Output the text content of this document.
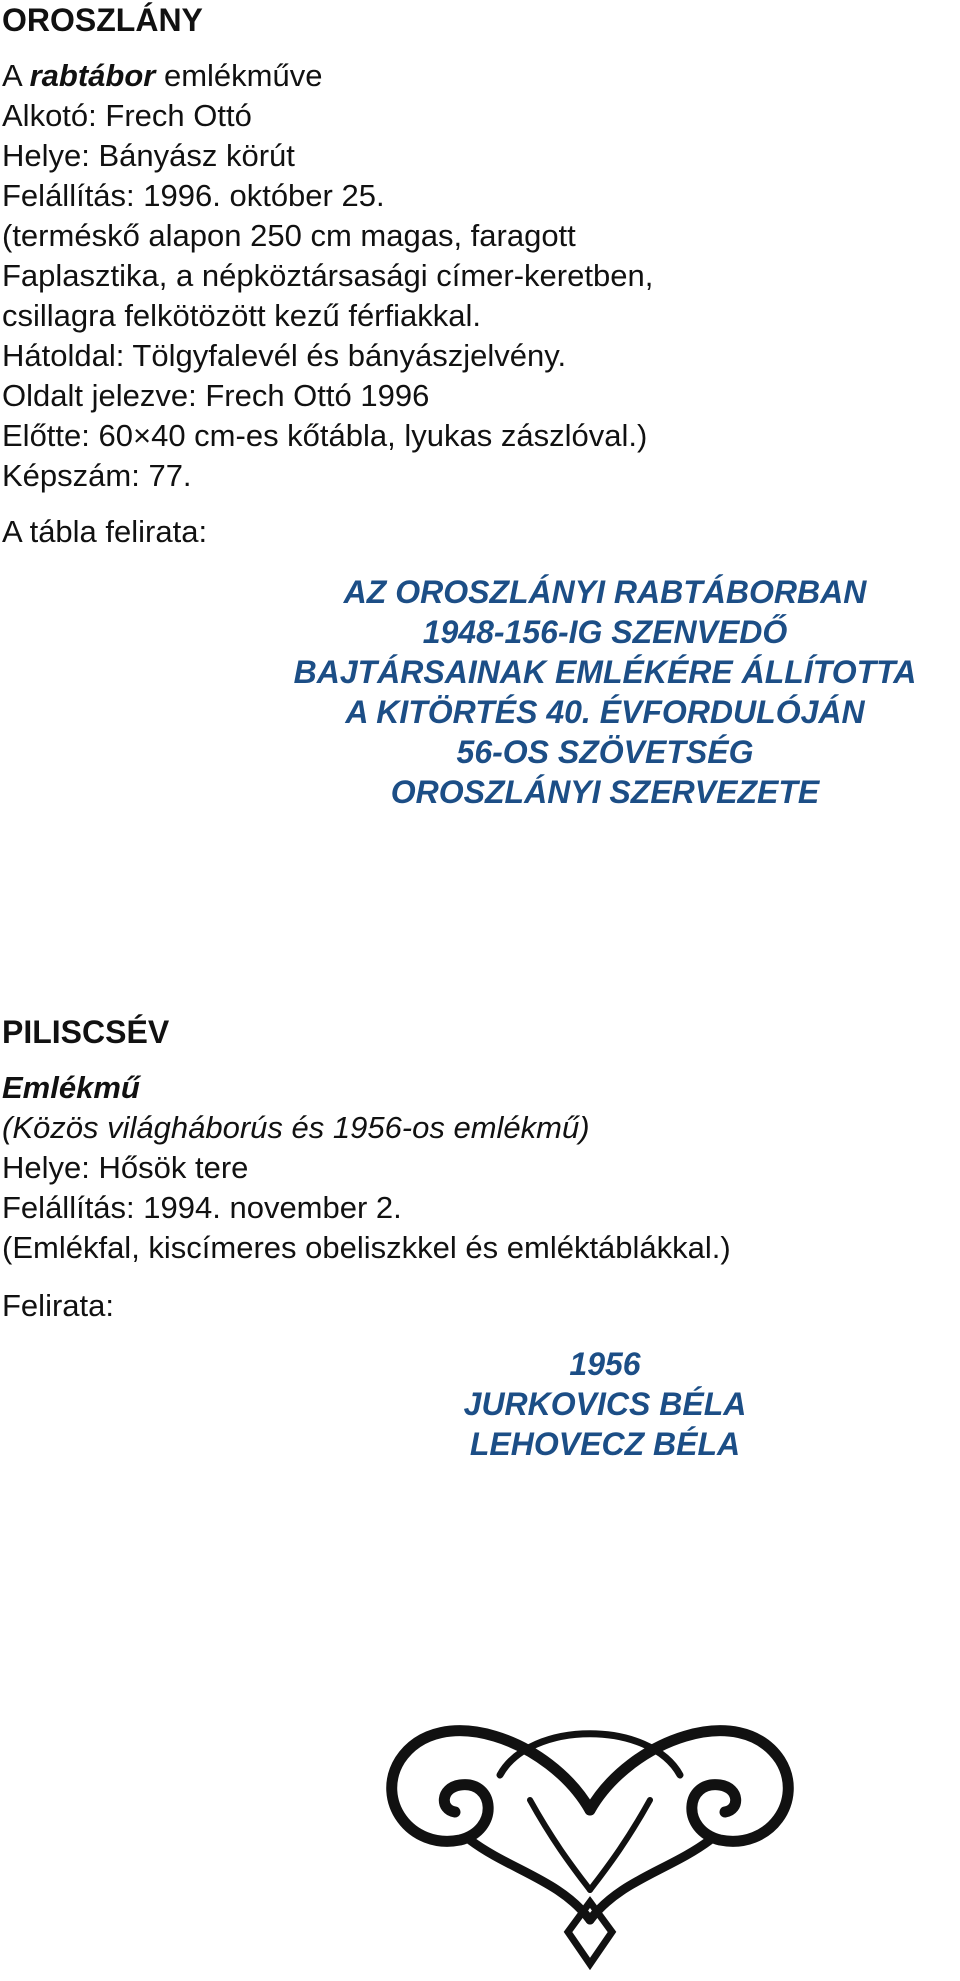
OROSZLÁNY
A rabtábor emlékműve
Alkotó: Frech Ottó
Helye: Bányász körút
Felállítás: 1996. október 25.
(terméskő alapon 250 cm magas, faragott
Faplasztika, a népköztársasági címer-keretben,
csillagra felkötözött kezű férfiakkal.
Hátoldal: Tölgyfalevél és bányászjelvény.
Oldalt jelezve: Frech Ottó 1996
Előtte: 60×40 cm-es kőtábla, lyukas zászlóval.)
Képszám: 77.
A tábla felirata:
AZ OROSZLÁNYI RABTÁBORBAN
1948-156-IG SZENVEDŐ
BAJTÁRSAINAK EMLÉKÉRE ÁLLÍTOTTA
A KITÖRTÉS 40. ÉVFORDULÓJÁN
56-OS SZÖVETSÉG
OROSZLÁNYI SZERVEZETE
PILISCSÉV
Emlékmű
(Közös világháborús és 1956-os emlékmű)
Helye: Hősök tere
Felállítás: 1994. november 2.
(Emlékfal, kiscímeres obeliszkkel és emléktáblákkal.)
Felirata:
1956
JURKOVICS BÉLA
LEHOVECZ BÉLA
